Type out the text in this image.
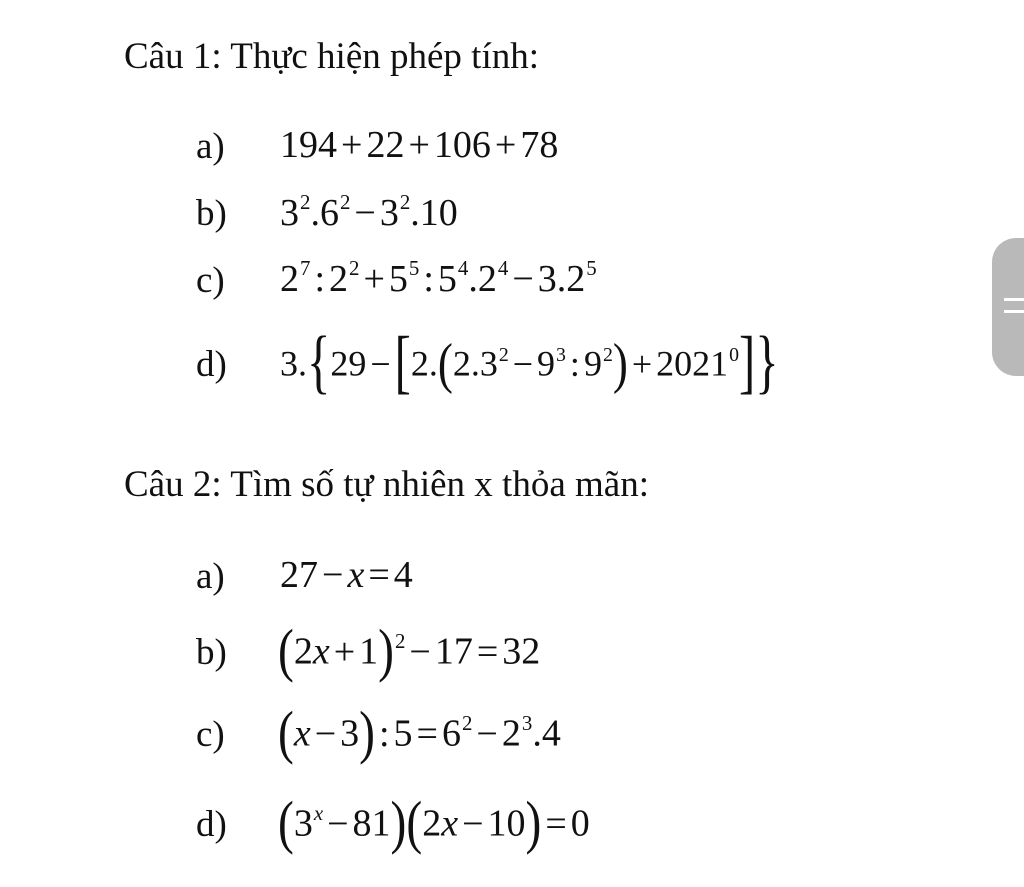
Câu 1: Thực hiện phép tính:
a) 194 + 22 + 106 + 78
b) $3^2.6^2 - 3^2.10$
c) $2^7$ : $2^2 + 5^5$ : $5^4.2^4 - 3.2^5$
d) $3.\{29 -[2.(2.3^2 - 9^3$ : $9^2) + 2021^0$]}
Câu 2: Tìm số tự nhiên x thỏa mãn:
a) 27 − x = 4
b) $(2x + 1)^2 - 17 = 32$
c) (x − 3) : $5 = 6^2 - 2^3.4$
d) $(3^x - 81)(2x - 10) = 0$
